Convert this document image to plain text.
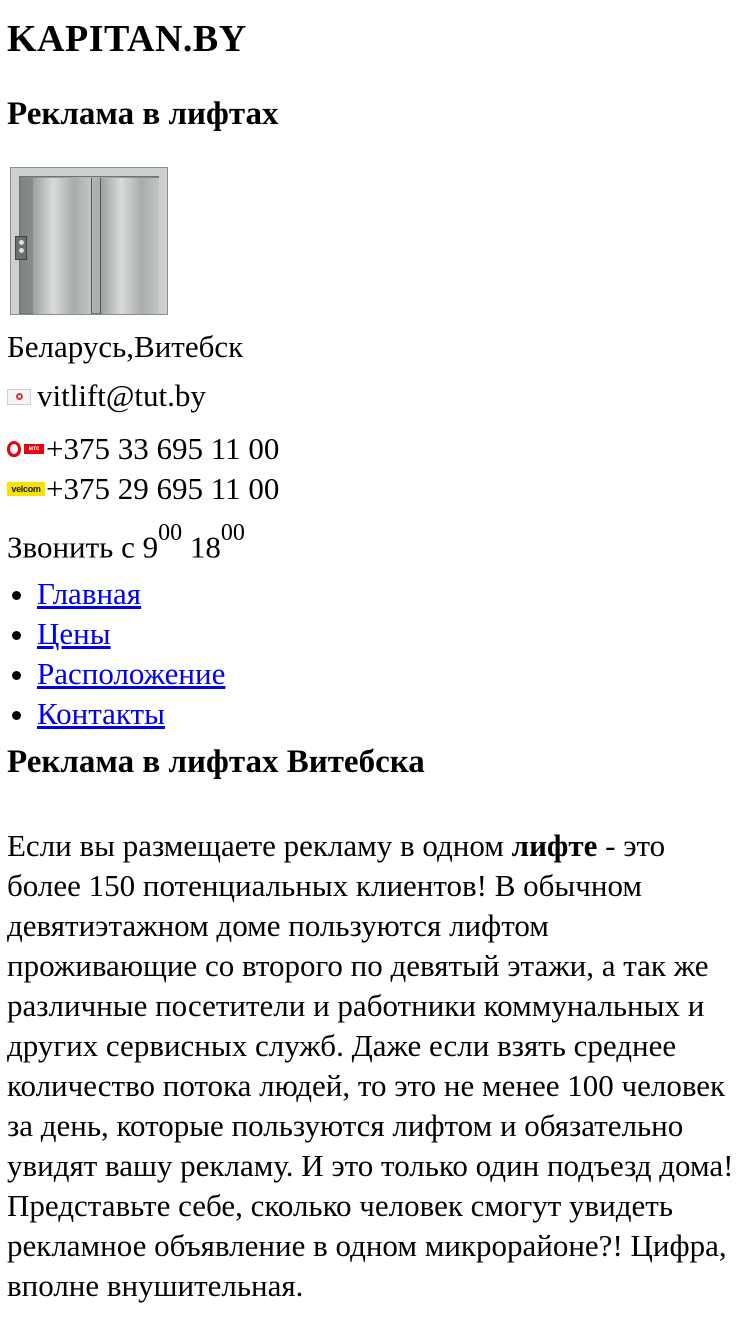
KAPITAN.BY
Реклама в лифтах
Беларусь,Витебск
vitlift@tut.by
мтс +375 33 695 11 00
velcom +375 29 695 11 00
Звонить с $9^{00}$ $18^{00}$
• Главная
• Цены
• Расположение
• Контакты
Реклама в лифтах Витебска

Если вы размещаете рекламу в одном лифте - это более 150 потенциальных клиентов! В обычном девятиэтажном доме пользуются лифтом проживающие со второго по девятый этажи, а так же различные посетители и работники коммунальных и других сервисных служб. Даже если взять среднее количество потока людей, то это не менее 100 человек за день, которые пользуются лифтом и обязательно увидят вашу рекламу. И это только один подъезд дома! Представьте себе, сколько человек смогут увидеть рекламное объявление в одном микрорайоне?! Цифра, вполне внушительная.
